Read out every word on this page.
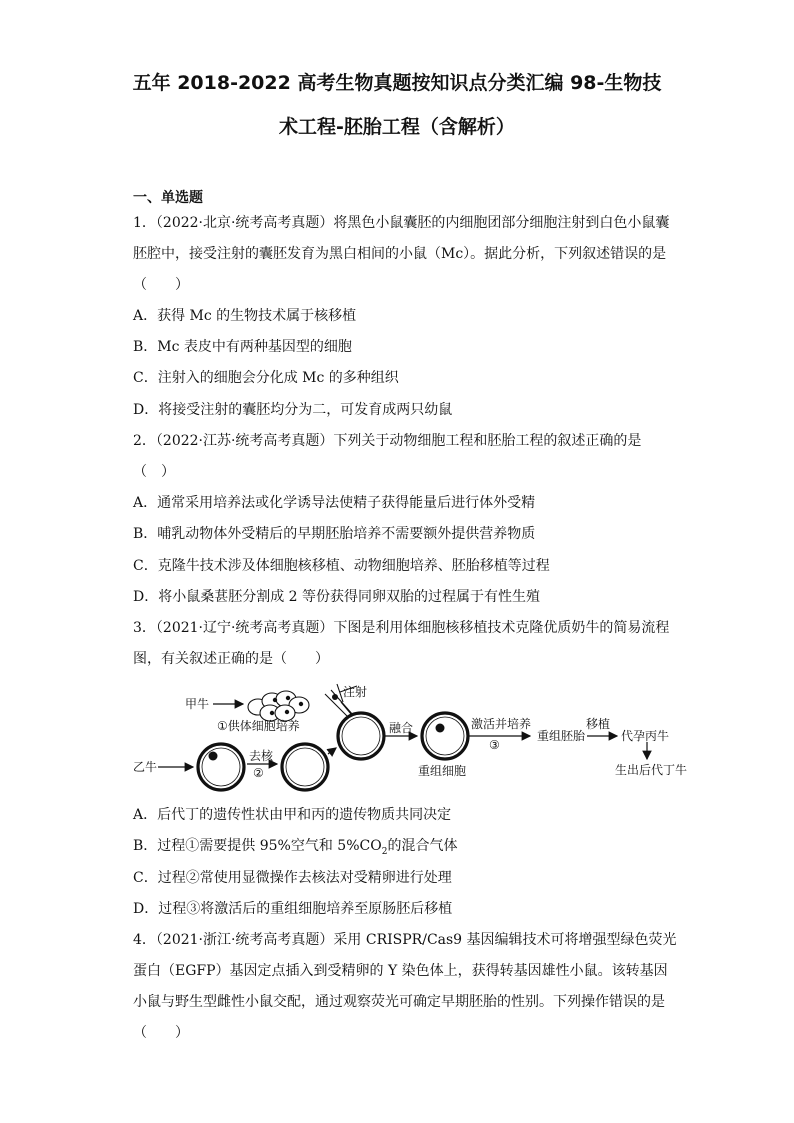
五年 2018-2022 高考生物真题按知识点分类汇编 98-生物技
术工程-胚胎工程（含解析）
一、单选题
1．（2022·北京·统考高考真题）将黑色小鼠囊胚的内细胞团部分细胞注射到白色小鼠囊
胚腔中，接受注射的囊胚发育为黑白相间的小鼠（Mc）。据此分析，下列叙述错误的是
（　　）
A．获得 Mc 的生物技术属于核移植
B．Mc 表皮中有两种基因型的细胞
C．注射入的细胞会分化成 Mc 的多种组织
D．将接受注射的囊胚均分为二，可发育成两只幼鼠
2．（2022·江苏·统考高考真题）下列关于动物细胞工程和胚胎工程的叙述正确的是
（　）
A．通常采用培养法或化学诱导法使精子获得能量后进行体外受精
B．哺乳动物体外受精后的早期胚胎培养不需要额外提供营养物质
C．克隆牛技术涉及体细胞核移植、动物细胞培养、胚胎移植等过程
D．将小鼠桑葚胚分割成 2 等份获得同卵双胎的过程属于有性生殖
3．（2021·辽宁·统考高考真题）下图是利用体细胞核移植技术克隆优质奶牛的简易流程
图，有关叙述正确的是（　　）
甲牛
①供体细胞培养
注射
乙牛
去核
②
融合
重组细胞
激活并培养
③
重组胚胎
移植
代孕丙牛
生出后代丁牛
A．后代丁的遗传性状由甲和丙的遗传物质共同决定
B．过程①需要提供 95%空气和 $5\%CO_2$的混合气体
C．过程②常使用显微操作去核法对受精卵进行处理
D．过程③将激活后的重组细胞培养至原肠胚后移植
4．（2021·浙江·统考高考真题）采用 CRISPR/Cas9 基因编辑技术可将增强型绿色荧光
蛋白（EGFP）基因定点插入到受精卵的 Y 染色体上，获得转基因雄性小鼠。该转基因
小鼠与野生型雌性小鼠交配，通过观察荧光可确定早期胚胎的性别。下列操作错误的是
（　　）
